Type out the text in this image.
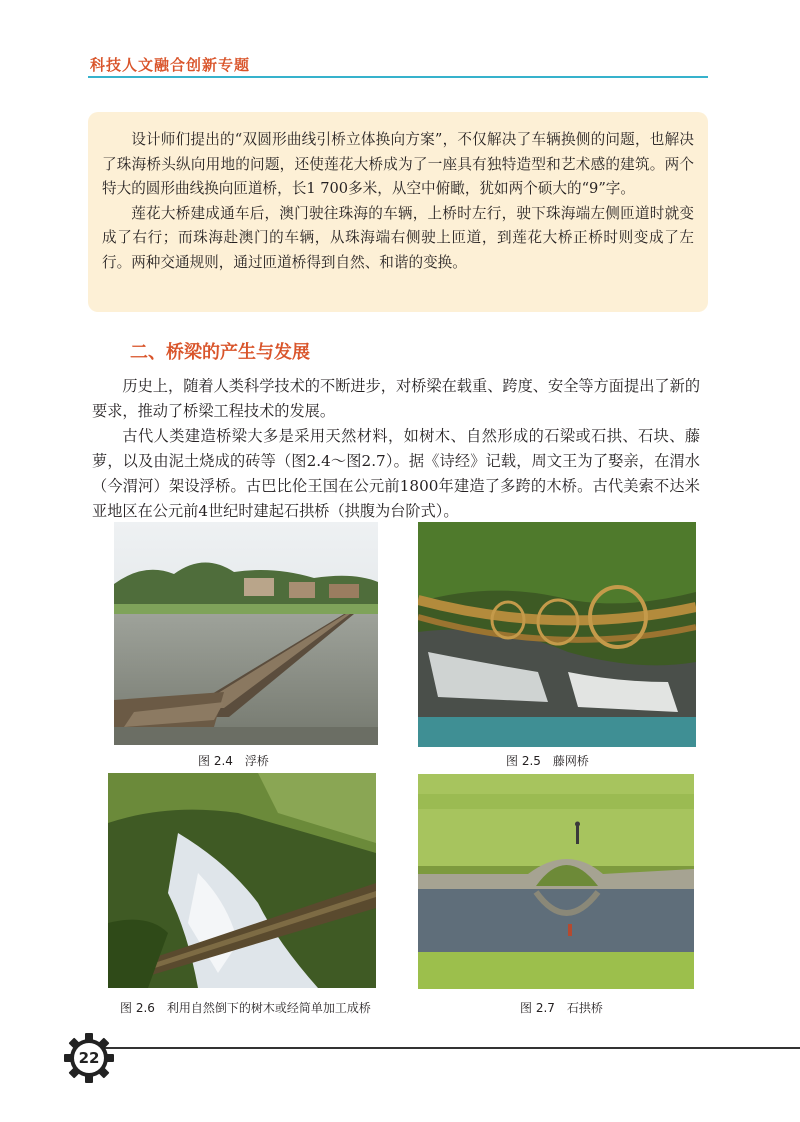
科技人文融合创新专题

设计师们提出的“双圆形曲线引桥立体换向方案”，不仅解决了车辆换侧的问题，也解决了珠海桥头纵向用地的问题，还使莲花大桥成为了一座具有独特造型和艺术感的建筑。两个特大的圆形曲线换向匝道桥，长1 700多米，从空中俯瞰，犹如两个硕大的“9”字。

莲花大桥建成通车后，澳门驶往珠海的车辆，上桥时左行，驶下珠海端左侧匝道时就变成了右行；而珠海赴澳门的车辆，从珠海端右侧驶上匝道，到莲花大桥正桥时则变成了左行。两种交通规则，通过匝道桥得到自然、和谐的变换。

二、桥梁的产生与发展

历史上，随着人类科学技术的不断进步，对桥梁在载重、跨度、安全等方面提出了新的要求，推动了桥梁工程技术的发展。

古代人类建造桥梁大多是采用天然材料，如树木、自然形成的石梁或石拱、石块、藤萝，以及由泥土烧成的砖等（图2.4～图2.7）。据《诗经》记载，周文王为了娶亲，在渭水（今渭河）架设浮桥。古巴比伦王国在公元前1800年建造了多跨的木桥。古代美索不达米亚地区在公元前4世纪时建起石拱桥（拱腹为台阶式）。

图 2.4　浮桥	图 2.5　藤网桥
图 2.6　利用自然倒下的树木或经简单加工成桥	图 2.7　石拱桥
22
